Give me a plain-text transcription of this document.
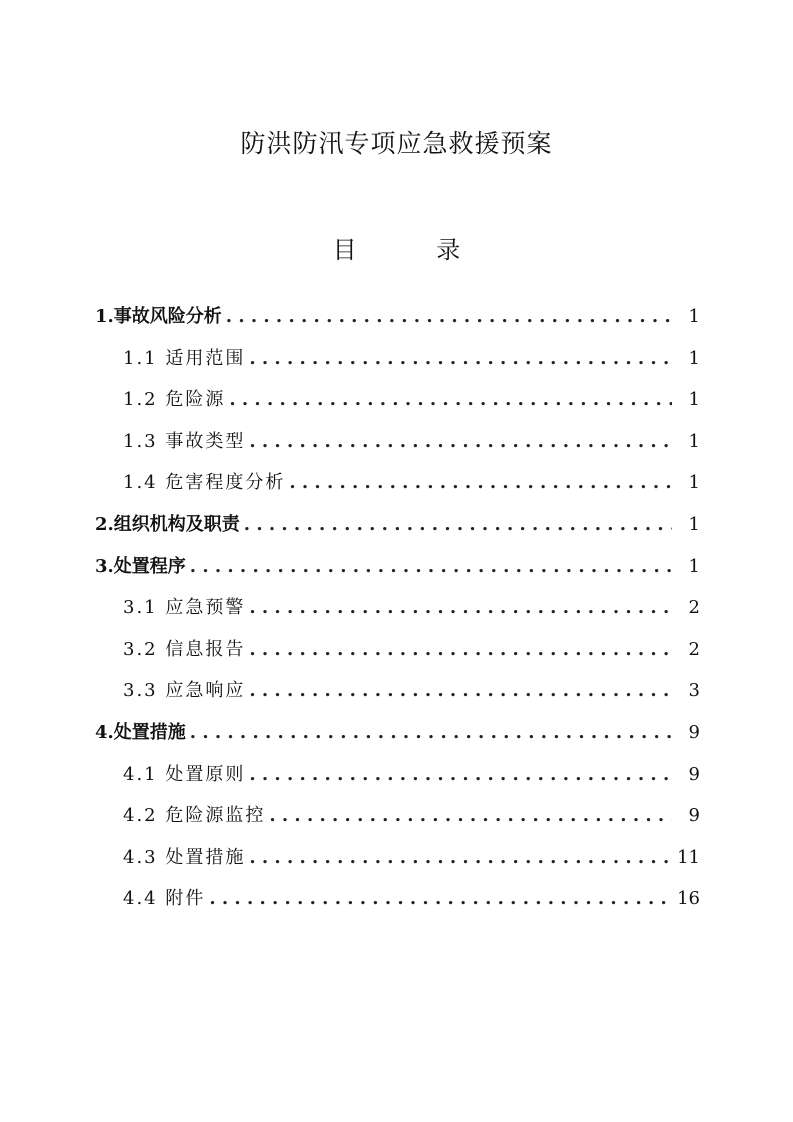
防洪防汛专项应急救援预案
目 录
1.事故风险分析 . . .	1
1.1 适用范围 . . .	1
1.2 危险源 . . .	1
1.3 事故类型 . . .	1
1.4 危害程度分析 . . .	1
2.组织机构及职责 . . .	1
3.处置程序 . . .	1
3.1 应急预警 . . .	2
3.2 信息报告 . . .	2
3.3 应急响应 . . .	3
4.处置措施 . . .	9
4.1 处置原则 . . .	9
4.2 危险源监控 . . .	9
4.3 处置措施 . . .	11
4.4 附件 . . .	16
